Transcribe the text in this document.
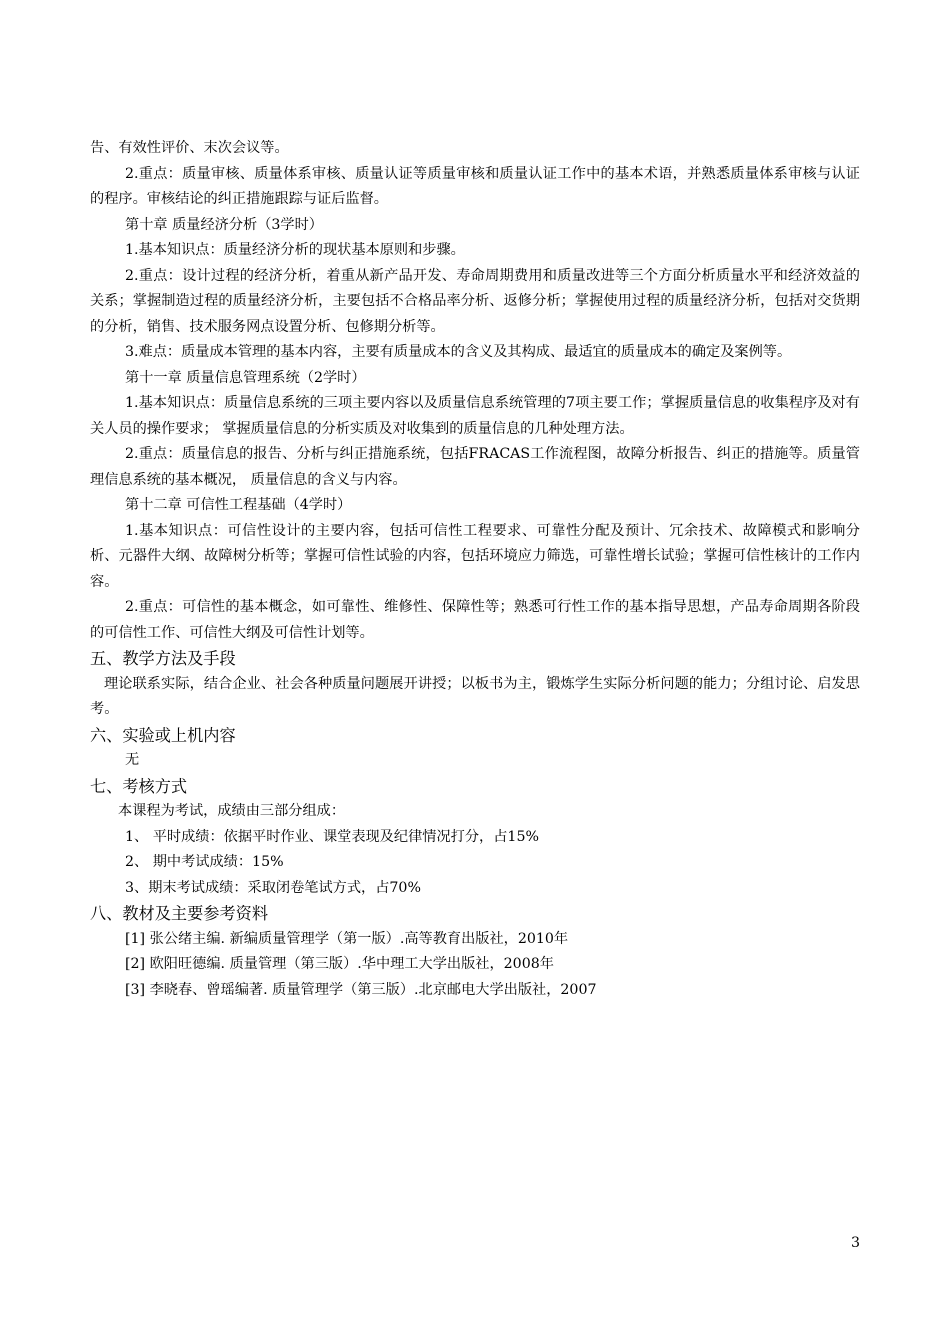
告、有效性评价、末次会议等。

2.重点：质量审核、质量体系审核、质量认证等质量审核和质量认证工作中的基本术语，并熟悉质量体系审核与认证的程序。审核结论的纠正措施跟踪与证后监督。

第十章 质量经济分析（3学时）

1.基本知识点：质量经济分析的现状基本原则和步骤。

2.重点：设计过程的经济分析，着重从新产品开发、寿命周期费用和质量改进等三个方面分析质量水平和经济效益的关系；掌握制造过程的质量经济分析，主要包括不合格品率分析、返修分析；掌握使用过程的质量经济分析，包括对交货期的分析，销售、技术服务网点设置分析、包修期分析等。

3.难点：质量成本管理的基本内容，主要有质量成本的含义及其构成、最适宜的质量成本的确定及案例等。

第十一章 质量信息管理系统（2学时）

1.基本知识点：质量信息系统的三项主要内容以及质量信息系统管理的7项主要工作；掌握质量信息的收集程序及对有关人员的操作要求； 掌握质量信息的分析实质及对收集到的质量信息的几种处理方法。

2.重点：质量信息的报告、分析与纠正措施系统，包括FRACAS工作流程图，故障分析报告、纠正的措施等。质量管理信息系统的基本概况， 质量信息的含义与内容。

第十二章 可信性工程基础（4学时）

1.基本知识点：可信性设计的主要内容，包括可信性工程要求、可靠性分配及预计、冗余技术、故障模式和影响分析、元器件大纲、故障树分析等；掌握可信性试验的内容，包括环境应力筛选，可靠性增长试验；掌握可信性核计的工作内容。

2.重点：可信性的基本概念，如可靠性、维修性、保障性等；熟悉可行性工作的基本指导思想，产品寿命周期各阶段的可信性工作、可信性大纲及可信性计划等。

五、教学方法及手段

理论联系实际，结合企业、社会各种质量问题展开讲授；以板书为主，锻炼学生实际分析问题的能力；分组讨论、启发思考。

六、实验或上机内容

无

七、考核方式

本课程为考试，成绩由三部分组成：

1、 平时成绩：依据平时作业、课堂表现及纪律情况打分，占15%

2、 期中考试成绩：15%

3、期末考试成绩：采取闭卷笔试方式，占70%

八、教材及主要参考资料

[1] 张公绪主编. 新编质量管理学（第一版）.高等教育出版社，2010年

[2] 欧阳旺德编. 质量管理（第三版）.华中理工大学出版社，2008年

[3] 李晓春、曾瑶编著. 质量管理学（第三版）.北京邮电大学出版社，2007

3
